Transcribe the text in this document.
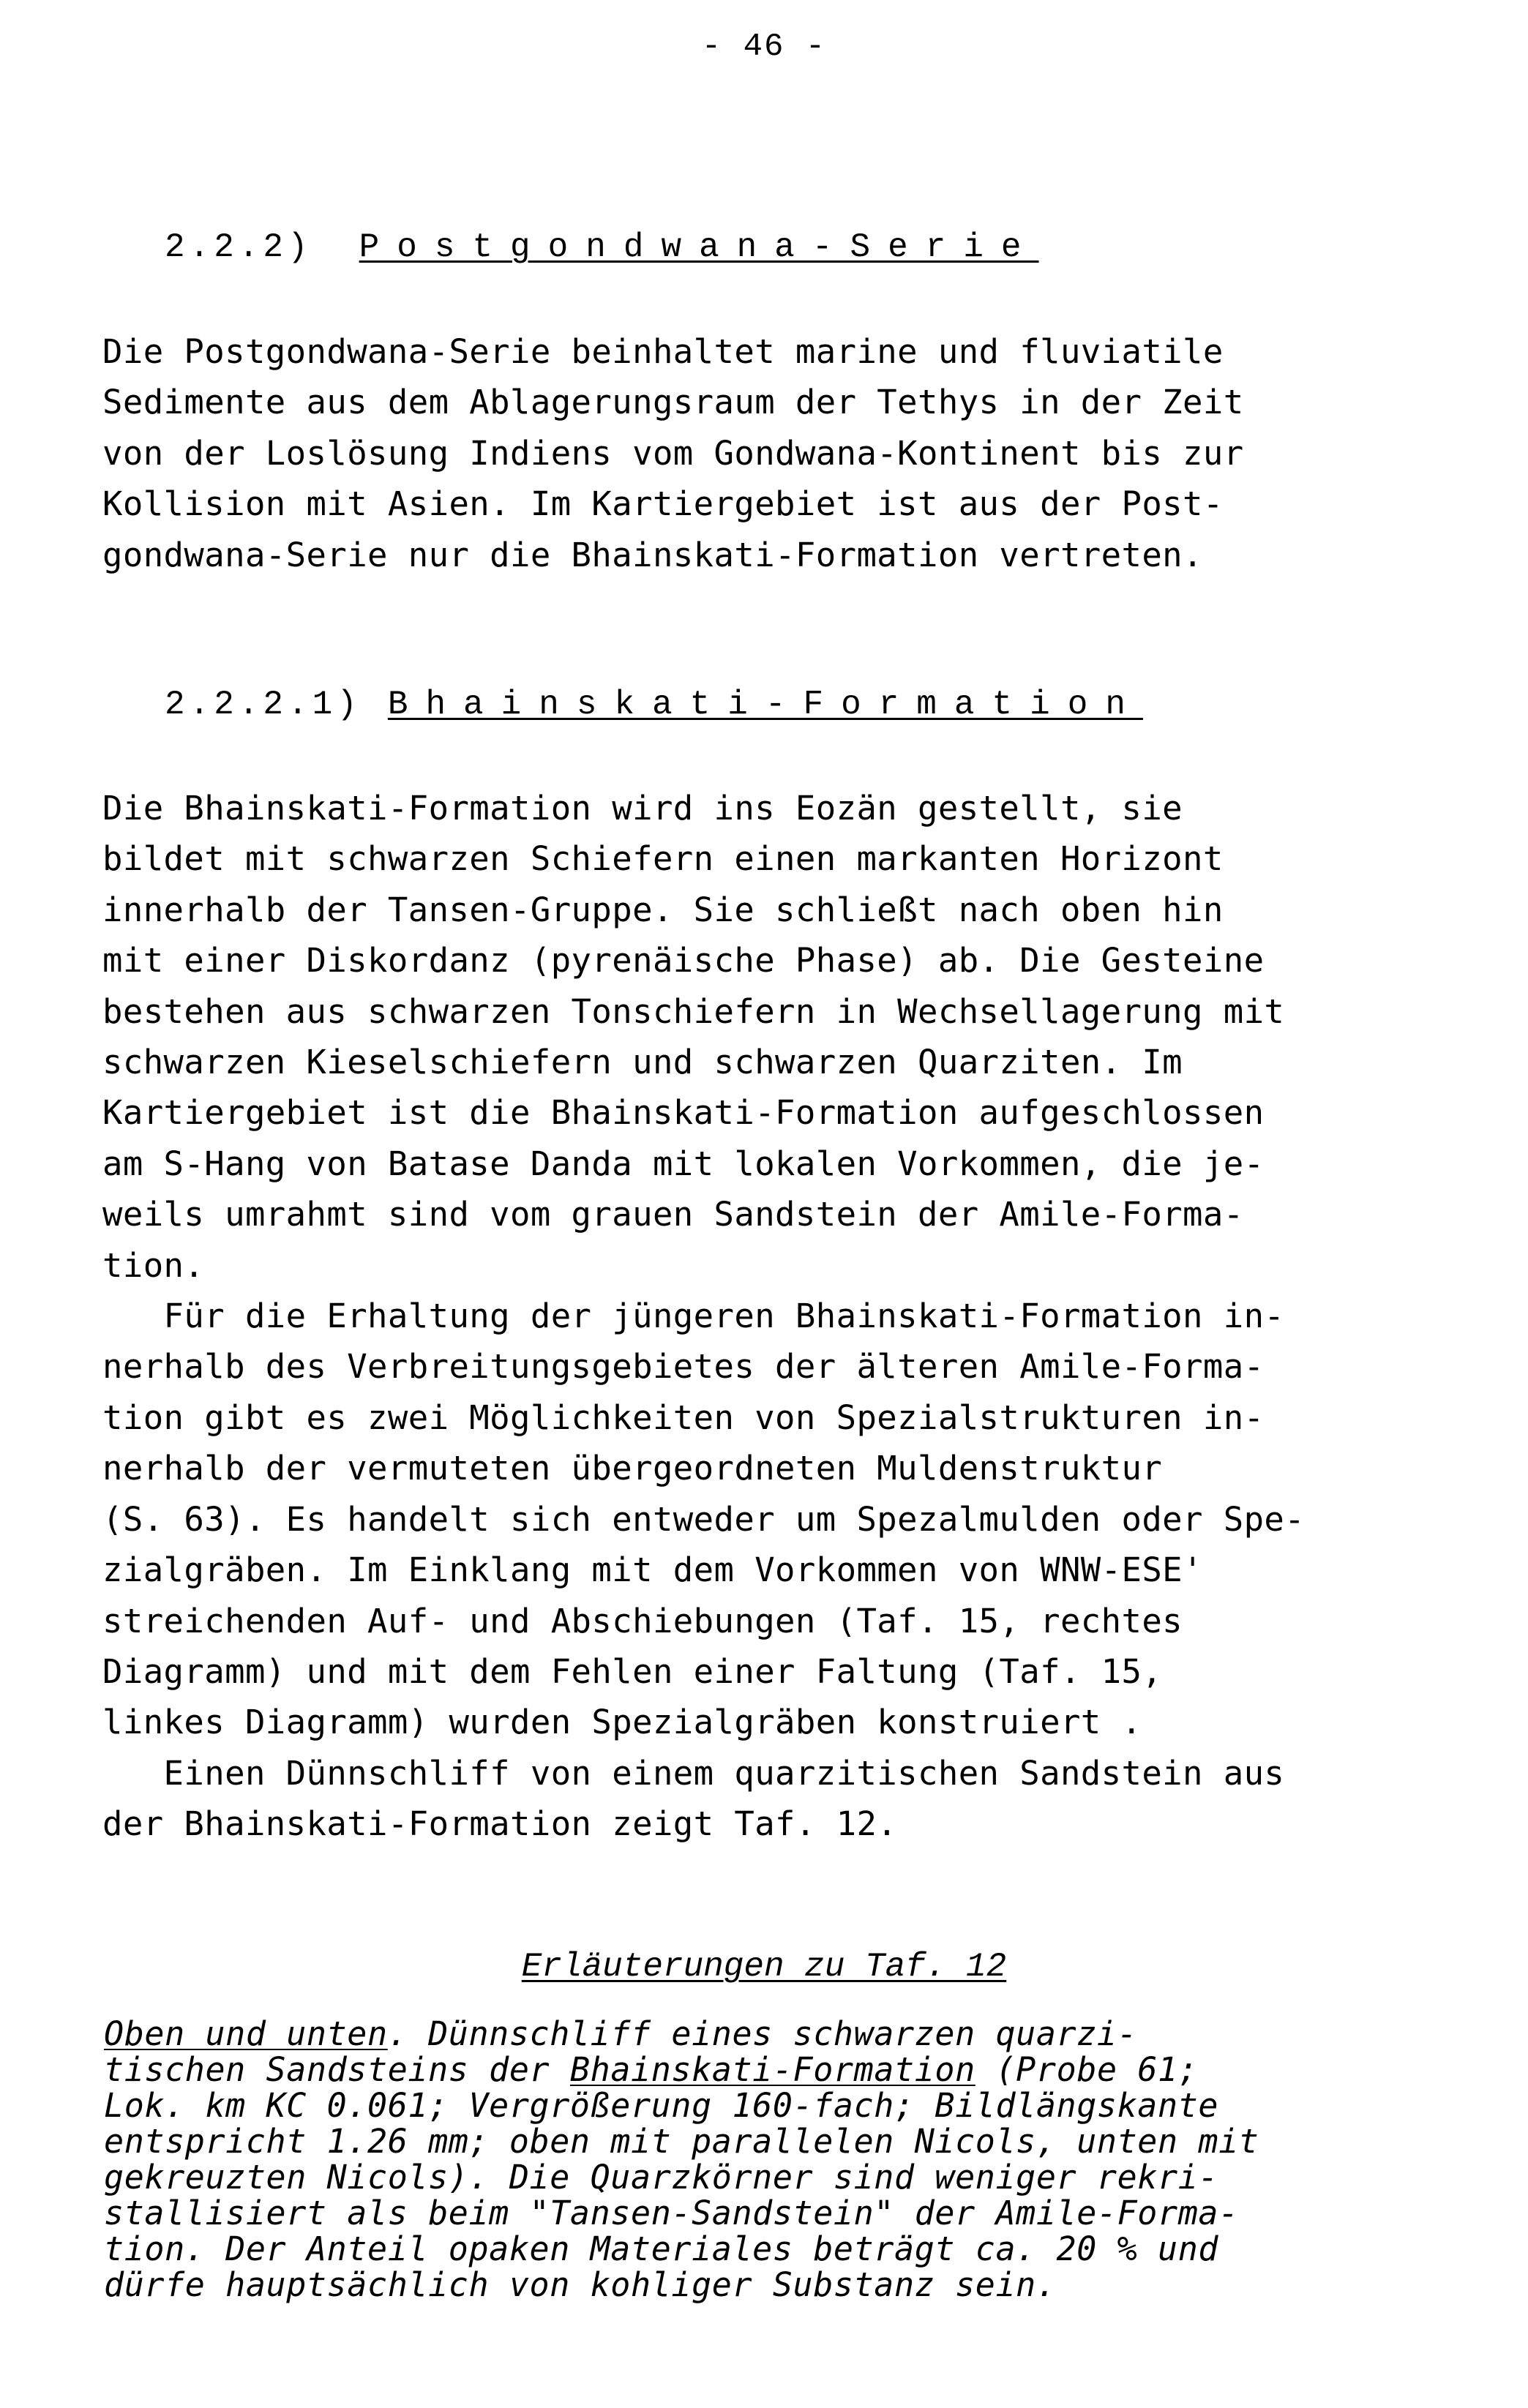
- 46 -
2.2.2) Postgondwana-Serie
Die Postgondwana-Serie beinhaltet marine und fluviatile
Sedimente aus dem Ablagerungsraum der Tethys in der Zeit
von der Loslösung Indiens vom Gondwana-Kontinent bis zur
Kollision mit Asien. Im Kartiergebiet ist aus der Post-
gondwana-Serie nur die Bhainskati-Formation vertreten.
2.2.2.1) Bhainskati-Formation
Die Bhainskati-Formation wird ins Eozän gestellt, sie
bildet mit schwarzen Schiefern einen markanten Horizont
innerhalb der Tansen-Gruppe. Sie schließt nach oben hin
mit einer Diskordanz (pyrenäische Phase) ab. Die Gesteine
bestehen aus schwarzen Tonschiefern in Wechsellagerung mit
schwarzen Kieselschiefern und schwarzen Quarziten. Im
Kartiergebiet ist die Bhainskati-Formation aufgeschlossen
am S-Hang von Batase Danda mit lokalen Vorkommen, die je-
weils umrahmt sind vom grauen Sandstein der Amile-Forma-
tion.
Für die Erhaltung der jüngeren Bhainskati-Formation in-
nerhalb des Verbreitungsgebietes der älteren Amile-Forma-
tion gibt es zwei Möglichkeiten von Spezialstrukturen in-
nerhalb der vermuteten übergeordneten Muldenstruktur
(S. 63). Es handelt sich entweder um Spezalmulden oder Spe-
zialgräben. Im Einklang mit dem Vorkommen von WNW-ESE'
streichenden Auf- und Abschiebungen (Taf. 15, rechtes
Diagramm) und mit dem Fehlen einer Faltung (Taf. 15,
linkes Diagramm) wurden Spezialgräben konstruiert .
Einen Dünnschliff von einem quarzitischen Sandstein aus
der Bhainskati-Formation zeigt Taf. 12.
Erläuterungen zu Taf. 12
Oben und unten. Dünnschliff eines schwarzen quarzi-
tischen Sandsteins der Bhainskati-Formation (Probe 61;
Lok. km KC 0.061; Vergrößerung 160-fach; Bildlängskante
entspricht 1.26 mm; oben mit parallelen Nicols, unten mit
gekreuzten Nicols). Die Quarzkörner sind weniger rekri-
stallisiert als beim "Tansen-Sandstein" der Amile-Forma-
tion. Der Anteil opaken Materiales beträgt ca. 20 % und
dürfe hauptsächlich von kohliger Substanz sein.
